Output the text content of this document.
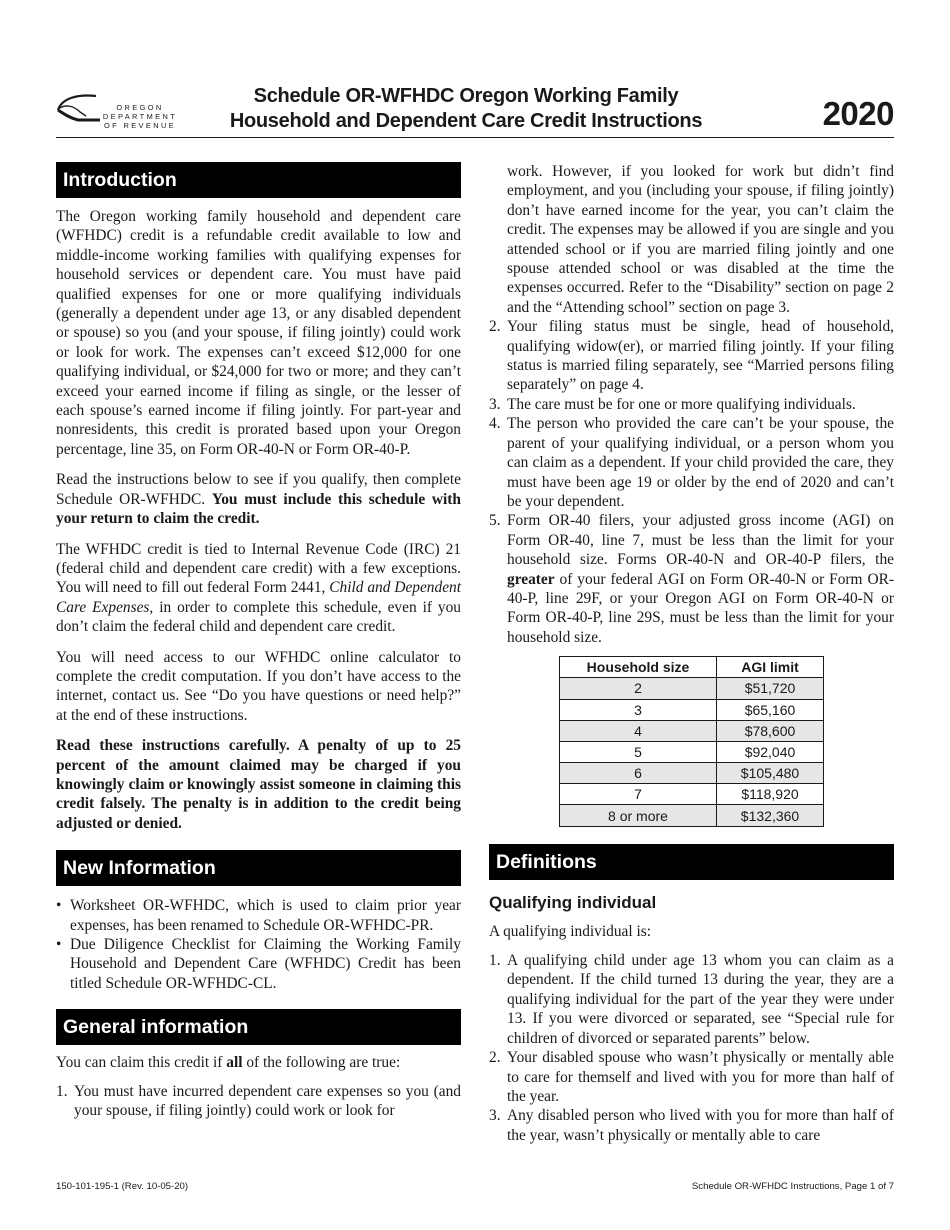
OREGON
DEPARTMENT
OF REVENUE
Schedule OR-WFHDC Oregon Working Family
Household and Dependent Care Credit Instructions	2020
Introduction

The Oregon working family household and dependent care (WFHDC) credit is a refundable credit available to low and middle-income working families with qualifying expenses for household services or dependent care. You must have paid qualified expenses for one or more qualifying individuals (generally a dependent under age 13, or any disabled dependent or spouse) so you (and your spouse, if filing jointly) could work or look for work. The expenses can’t exceed $12,000 for one qualifying individual, or $24,000 for two or more; and they can’t exceed your earned income if filing as single, or the lesser of each spouse’s earned income if filing jointly. For part-year and nonresidents, this credit is prorated based upon your Oregon percentage, line 35, on Form OR-40-N or Form OR-40-P.

Read the instructions below to see if you qualify, then complete Schedule OR-WFHDC. You must include this schedule with your return to claim the credit.

The WFHDC credit is tied to Internal Revenue Code (IRC) 21 (federal child and dependent care credit) with a few exceptions. You will need to fill out federal Form 2441, Child and Dependent Care Expenses, in order to complete this schedule, even if you don’t claim the federal child and dependent care credit.

You will need access to our WFHDC online calculator to complete the credit computation. If you don’t have access to the internet, contact us. See “Do you have questions or need help?” at the end of these instructions.

Read these instructions carefully. A penalty of up to 25 percent of the amount claimed may be charged if you knowingly claim or knowingly assist someone in claiming this credit falsely. The penalty is in addition to the credit being adjusted or denied.

New Information
• Worksheet OR-WFHDC, which is used to claim prior year expenses, has been renamed to Schedule OR-WFHDC-PR.
• Due Diligence Checklist for Claiming the Working Family Household and Dependent Care (WFHDC) Credit has been titled Schedule OR-WFHDC-CL.
General information

You can claim this credit if all of the following are true:

1. You must have incurred dependent care expenses so you (and your spouse, if filing jointly) could work or look for
work. However, if you looked for work but didn’t find employment, and you (including your spouse, if filing jointly) don’t have earned income for the year, you can’t claim the credit. The expenses may be allowed if you are single and you attended school or if you are married filing jointly and one spouse attended school or was disabled at the time the expenses occurred. Refer to the “Disability” section on page 2 and the “Attending school” section on page 3.
2. Your filing status must be single, head of household, qualifying widow(er), or married filing jointly. If your filing status is married filing separately, see “Married persons filing separately” on page 4.
3. The care must be for one or more qualifying individuals.
4. The person who provided the care can’t be your spouse, the parent of your qualifying individual, or a person whom you can claim as a dependent. If your child provided the care, they must have been age 19 or older by the end of 2020 and can’t be your dependent.
5. Form OR-40 filers, your adjusted gross income (AGI) on Form OR-40, line 7, must be less than the limit for your household size. Forms OR-40-N and OR-40-P filers, the greater of your federal AGI on Form OR-40-N or Form OR-40-P, line 29F, or your Oregon AGI on Form OR-40-N or Form OR-40-P, line 29S, must be less than the limit for your household size.
Household size	AGI limit
2	$51,720
3	$65,160
4	$78,600
5	$92,040
6	$105,480
7	$118,920
8 or more	$132,360
Definitions
Qualifying individual

A qualifying individual is:

1. A qualifying child under age 13 whom you can claim as a dependent. If the child turned 13 during the year, they are a qualifying individual for the part of the year they were under 13. If you were divorced or separated, see “Special rule for children of divorced or separated parents” below.
2. Your disabled spouse who wasn’t physically or mentally able to care for themself and lived with you for more than half of the year.
3. Any disabled person who lived with you for more than half of the year, wasn’t physically or mentally able to care
150-101-195-1 (Rev. 10-05-20)	Schedule OR-WFHDC Instructions, Page 1 of 7
